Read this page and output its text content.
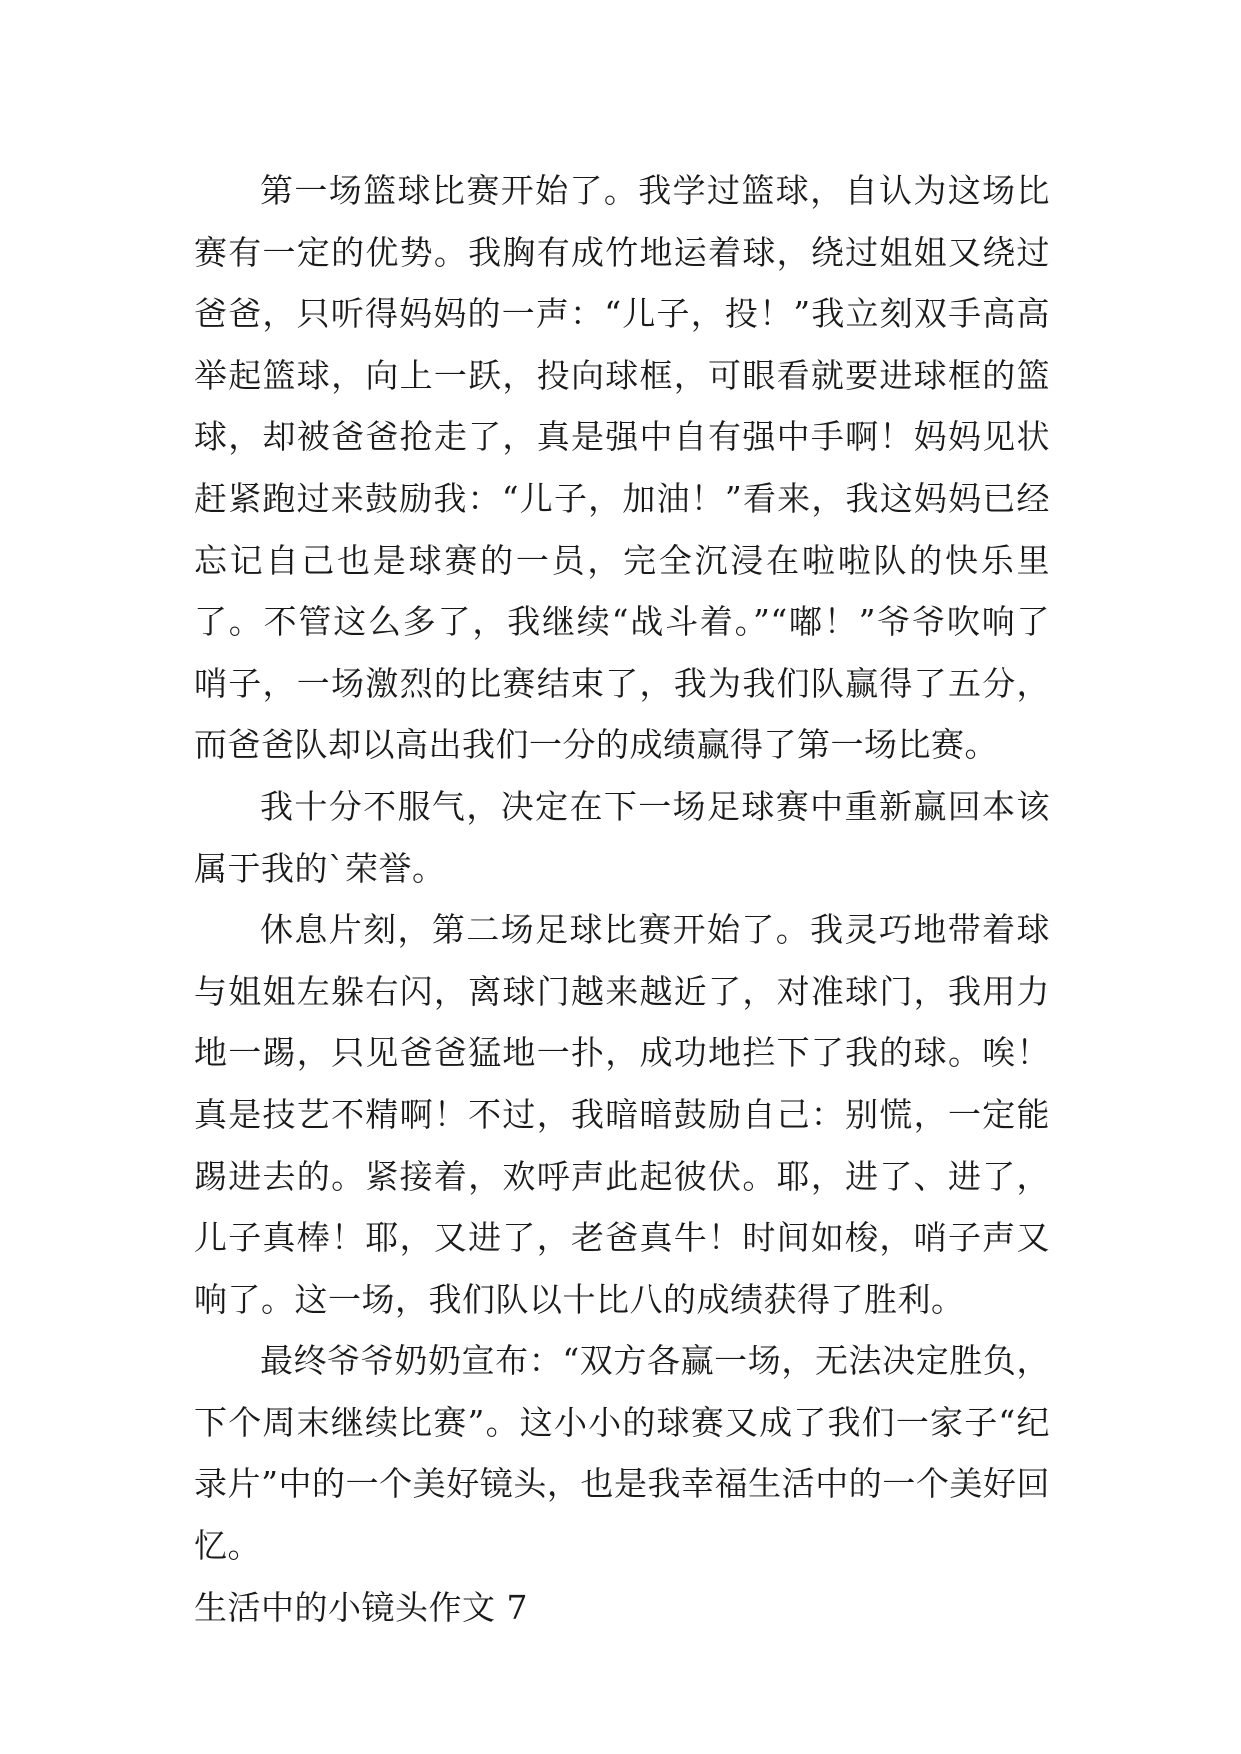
第一场篮球比赛开始了。我学过篮球，自认为这场比赛有一定的优势。我胸有成竹地运着球，绕过姐姐又绕过爸爸，只听得妈妈的一声：“儿子，投！”我立刻双手高高举起篮球，向上一跃，投向球框，可眼看就要进球框的篮球，却被爸爸抢走了，真是强中自有强中手啊！妈妈见状赶紧跑过来鼓励我：“儿子，加油！”看来，我这妈妈已经忘记自己也是球赛的一员，完全沉浸在啦啦队的快乐里了。不管这么多了，我继续“战斗着。”“嘟！”爷爷吹响了哨子，一场激烈的比赛结束了，我为我们队赢得了五分，而爸爸队却以高出我们一分的成绩赢得了第一场比赛。

我十分不服气，决定在下一场足球赛中重新赢回本该属于我的`荣誉。

休息片刻，第二场足球比赛开始了。我灵巧地带着球与姐姐左躲右闪，离球门越来越近了，对准球门，我用力地一踢，只见爸爸猛地一扑，成功地拦下了我的球。唉！真是技艺不精啊！不过，我暗暗鼓励自己：别慌，一定能踢进去的。紧接着，欢呼声此起彼伏。耶，进了、进了，儿子真棒！耶，又进了，老爸真牛！时间如梭，哨子声又响了。这一场，我们队以十比八的成绩获得了胜利。

最终爷爷奶奶宣布：“双方各赢一场，无法决定胜负，下个周末继续比赛”。这小小的球赛又成了我们一家子“纪录片”中的一个美好镜头，也是我幸福生活中的一个美好回忆。

生活中的小镜头作文 7
